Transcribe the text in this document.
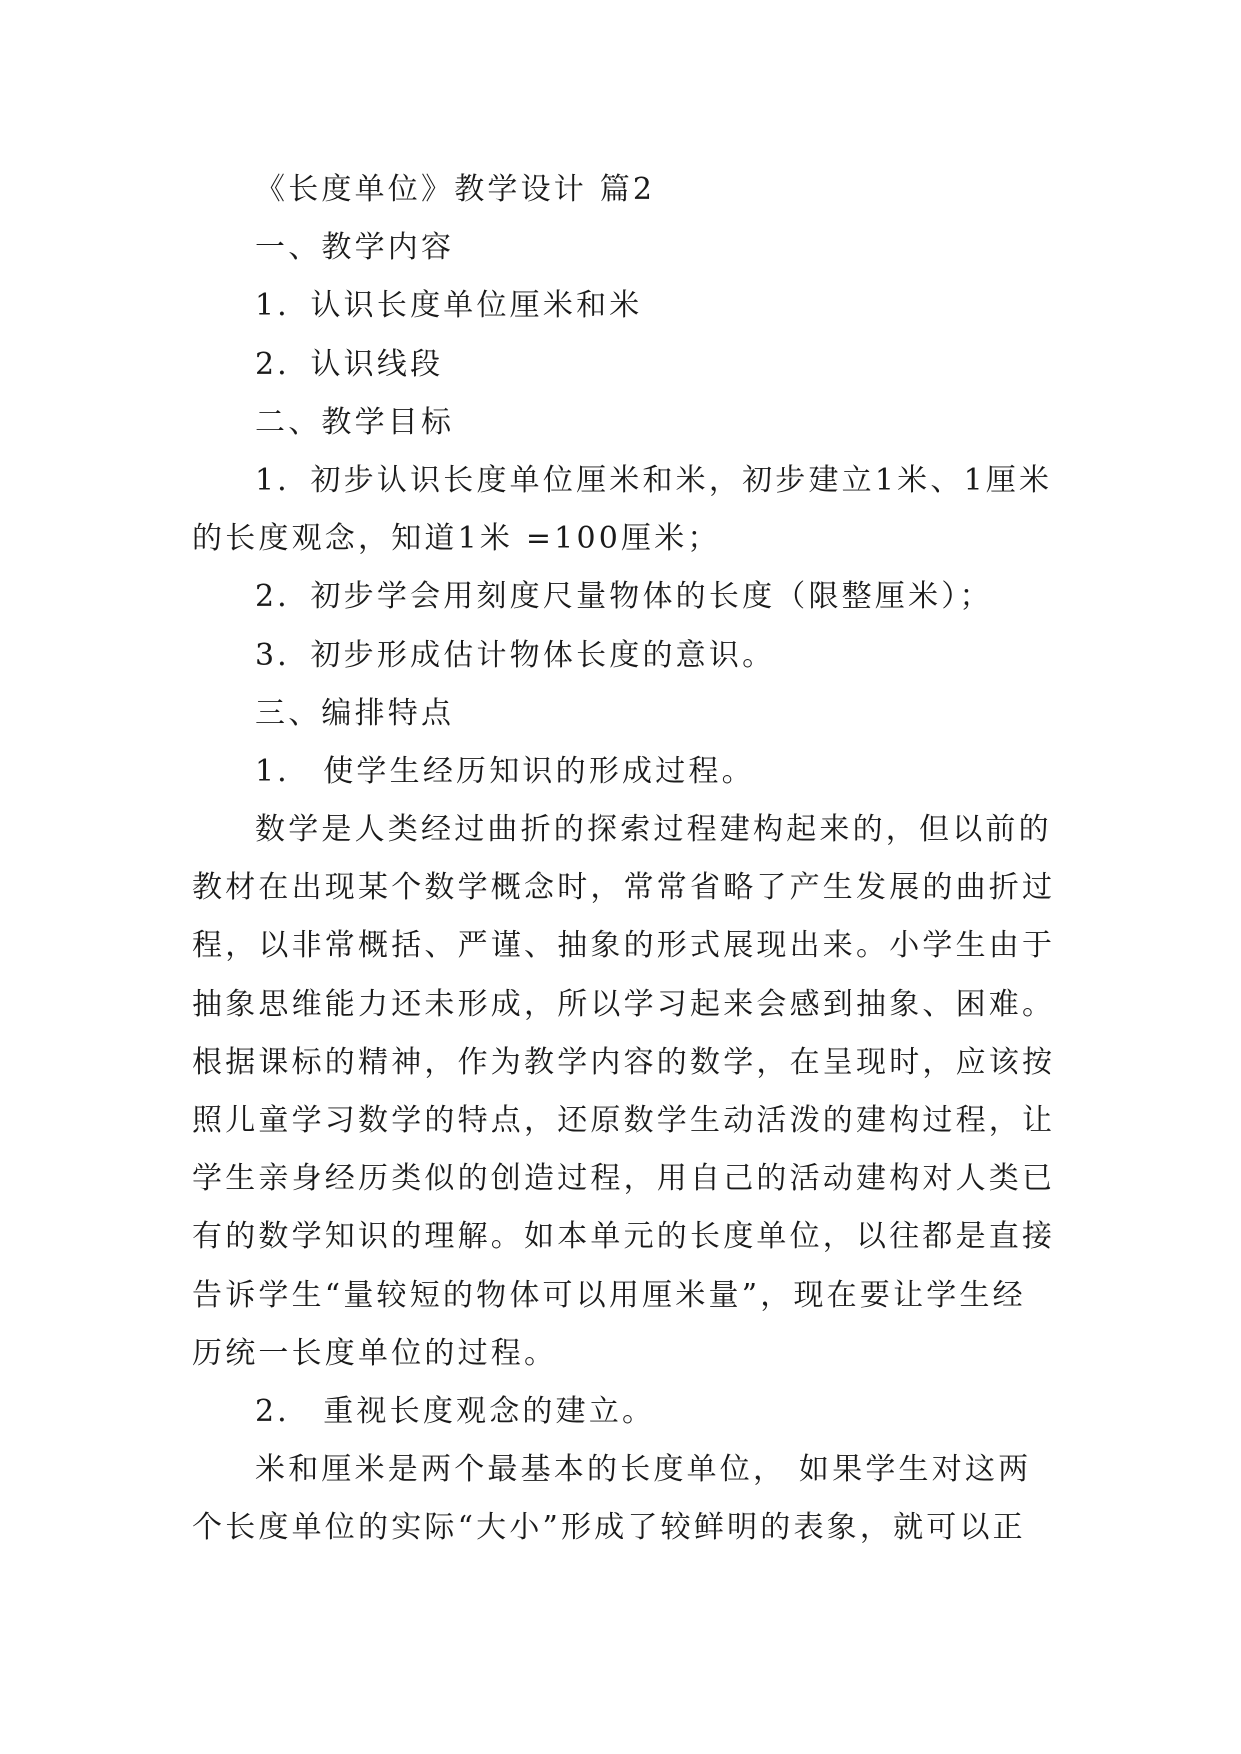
《长度单位》教学设计 篇2
一、教学内容
1．认识长度单位厘米和米
2．认识线段
二、教学目标
1．初步认识长度单位厘米和米，初步建立1米、1厘米
的长度观念，知道1米 =100厘米；
2．初步学会用刻度尺量物体的长度（限整厘米）；
3．初步形成估计物体长度的意识。
三、编排特点
1． 使学生经历知识的形成过程。
数学是人类经过曲折的探索过程建构起来的，但以前的
教材在出现某个数学概念时，常常省略了产生发展的曲折过
程，以非常概括、严谨、抽象的形式展现出来。小学生由于
抽象思维能力还未形成，所以学习起来会感到抽象、困难。
根据课标的精神，作为教学内容的数学，在呈现时，应该按
照儿童学习数学的特点，还原数学生动活泼的建构过程，让
学生亲身经历类似的创造过程，用自己的活动建构对人类已
有的数学知识的理解。如本单元的长度单位，以往都是直接
告诉学生“量较短的物体可以用厘米量”，现在要让学生经
历统一长度单位的过程。
2． 重视长度观念的建立。
米和厘米是两个最基本的长度单位， 如果学生对这两
个长度单位的实际“大小”形成了较鲜明的表象，就可以正
